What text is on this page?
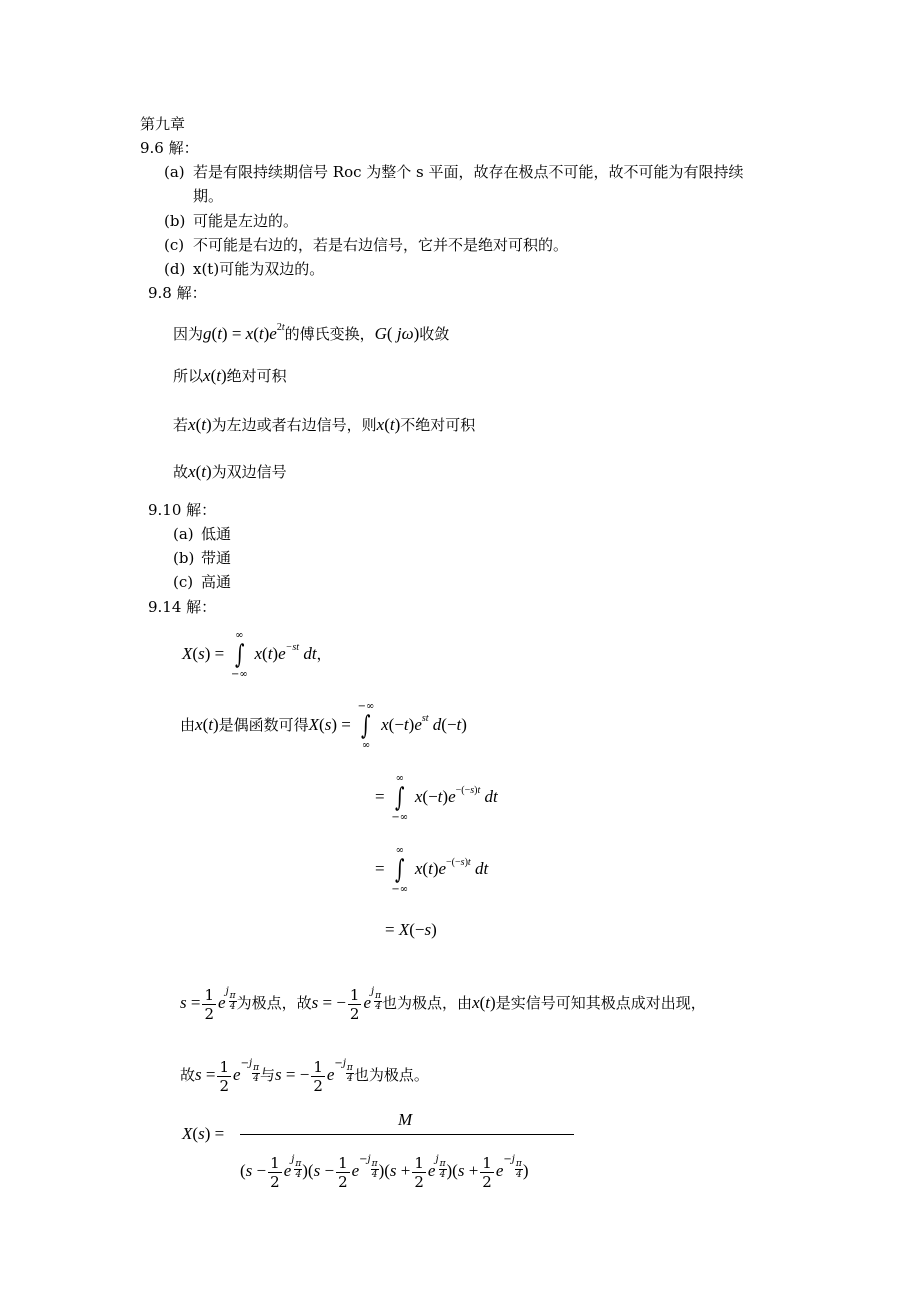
第九章
9.6 解：
(a) 若是有限持续期信号 Roc 为整个 s 平面，故存在极点不可能，故不可能为有限持续
期。
(b) 可能是左边的。
(c) 不可能是右边的，若是右边信号，它并不是绝对可积的。
(d) x(t)可能为双边的。
9.8 解：
因为$g(t) = x(t)e^{2t}$的傅氏变换，G( jω)收敛
所以x(t)绝对可积
若x(t)为左边或者右边信号，则x(t)不绝对可积
故x(t)为双边信号
9.10 解：
(a) 低通
(b) 带通
(c) 高通
9.14 解：
X(s) =
∞
∫
−∞
$x(t)e^{-st}$ dt，
由x(t)是偶函数可得X(s) =
−∞
∫
∞
$x(-t)e^{st}$ d(−t)
=
∞
∫
−∞
$x(-t)e^{-(-s)t}$ dt
=
∞
∫
−∞
$x(t)e^{-(-s)t}$ dt
= X(−s)
$s = \frac{1}{2}$ e
j π
4 为极点，故s = − $\frac{1}{2}$ e
j π
4 也为极点，由x(t)是实信号可知其极点成对出现，
故$s = \frac{1}{2}$ e
− j π
4 与s = − $\frac{1}{2}$ e
− j π
4 也为极点。
X(s) =
M
($s - \frac{1}{2}$ e
j π
4 )($s - \frac{1}{2}$ e
− j π
4 )($s + \frac{1}{2}$ e
j π
4 )($s + \frac{1}{2}$ e
− j π
4 )
